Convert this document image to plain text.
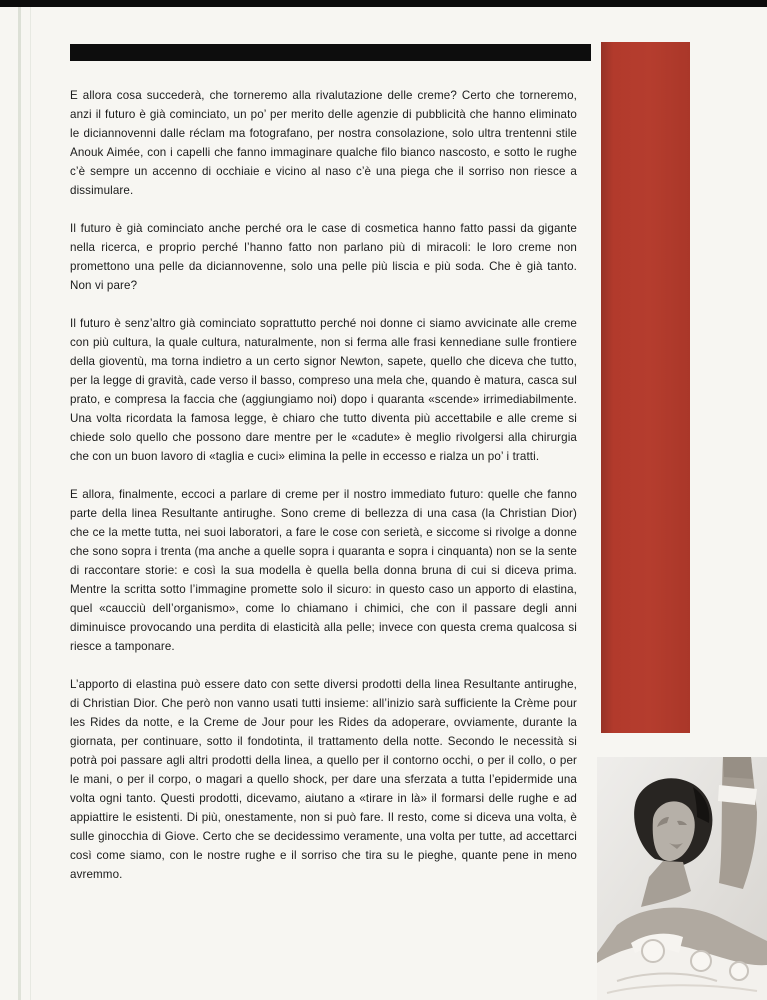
E allora cosa succederà, che torneremo alla rivalutazione delle creme? Certo che torneremo, anzi il futuro è già cominciato, un po’ per merito delle agenzie di pubblicità che hanno eliminato le diciannovenni dalle réclam ma fotografano, per nostra consolazione, solo ultra trentenni stile Anouk Aimée, con i capelli che fanno immaginare qualche filo bianco nascosto, e sotto le rughe c’è sempre un accenno di occhiaie e vicino al naso c’è una piega che il sorriso non riesce a dissimulare.

Il futuro è già cominciato anche perché ora le case di cosmetica hanno fatto passi da gigante nella ricerca, e proprio perché l’hanno fatto non parlano più di miracoli: le loro creme non promettono una pelle da diciannovenne, solo una pelle più liscia e più soda. Che è già tanto. Non vi pare?

Il futuro è senz’altro già cominciato soprattutto perché noi donne ci siamo avvicinate alle creme con più cultura, la quale cultura, naturalmente, non si ferma alle frasi kennediane sulle frontiere della gioventù, ma torna indietro a un certo signor Newton, sapete, quello che diceva che tutto, per la legge di gravità, cade verso il basso, compreso una mela che, quando è matura, casca sul prato, e compresa la faccia che (aggiungiamo noi) dopo i quaranta «scende» irrimediabilmente. Una volta ricordata la famosa legge, è chiaro che tutto diventa più accettabile e alle creme si chiede solo quello che possono dare mentre per le «cadute» è meglio rivolgersi alla chirurgia che con un buon lavoro di «taglia e cuci» elimina la pelle in eccesso e rialza un po’ i tratti.

E allora, finalmente, eccoci a parlare di creme per il nostro immediato futuro: quelle che fanno parte della linea Resultante antirughe. Sono creme di bellezza di una casa (la Christian Dior) che ce la mette tutta, nei suoi laboratori, a fare le cose con serietà, e siccome si rivolge a donne che sono sopra i trenta (ma anche a quelle sopra i quaranta e sopra i cinquanta) non se la sente di raccontare storie: e così la sua modella è quella bella donna bruna di cui si diceva prima. Mentre la scritta sotto l’immagine promette solo il sicuro: in questo caso un apporto di elastina, quel «caucciù dell’organismo», come lo chiamano i chimici, che con il passare degli anni diminuisce provocando una perdita di elasticità alla pelle; invece con questa crema qualcosa si riesce a tamponare.

L’apporto di elastina può essere dato con sette diversi prodotti della linea Resultante antirughe, di Christian Dior. Che però non vanno usati tutti insieme: all’inizio sarà sufficiente la Crème pour les Rides da notte, e la Creme de Jour pour les Rides da adoperare, ovviamente, durante la giornata, per continuare, sotto il fondotinta, il trattamento della notte. Secondo le necessità si potrà poi passare agli altri prodotti della linea, a quello per il contorno occhi, o per il collo, o per le mani, o per il corpo, o magari a quello shock, per dare una sferzata a tutta l’epidermide una volta ogni tanto. Questi prodotti, dicevamo, aiutano a «tirare in là» il formarsi delle rughe e ad appiattire le esistenti. Di più, onestamente, non si può fare. Il resto, come si diceva una volta, è sulle ginocchia di Giove. Certo che se decidessimo veramente, una volta per tutte, ad accettarci così come siamo, con le nostre rughe e il sorriso che tira su le pieghe, quante pene in meno avremmo.
